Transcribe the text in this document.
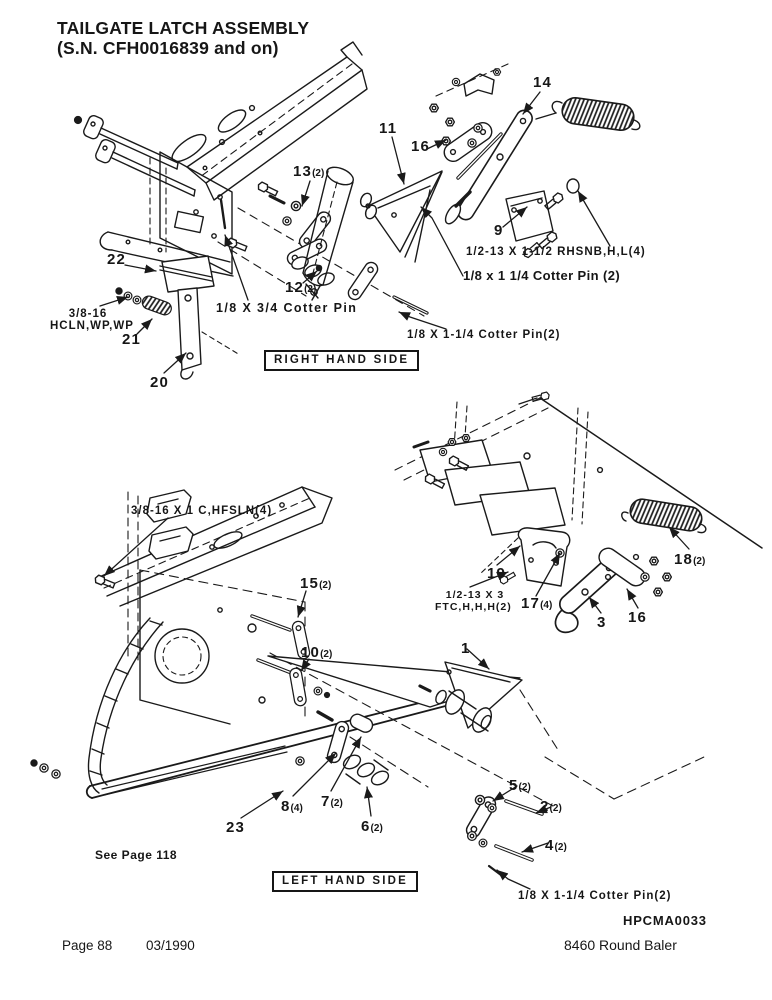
TAILGATE LATCH ASSEMBLY
(S.N. CFH0016839 and on)
14
11
16
13(2)
22
9
12(2)
21
20
1/2-13 X 1-1/2 RHSNB,H,L(4)
1/8 x 1 1/4 Cotter Pin (2)
1/8 X 3/4 Cotter Pin
3/8-16
HCLN,WP,WP
1/8 X 1-1/4 Cotter Pin(2)
RIGHT HAND SIDE
15(2)
10(2)
19
17(4)
3 16
18(2)
1
5(2)
2(2)
4(2)
8(4) 7(2)
6(2)
23
3/8-16 X 1 C,HFSLN(4)
1/2-13 X 3
FTC,H,H,H(2)
1/8 X 1-1/4 Cotter Pin(2)
See Page 118
LEFT HAND SIDE
HPCMA0033
8460 Round Baler
Page 88 03/1990
